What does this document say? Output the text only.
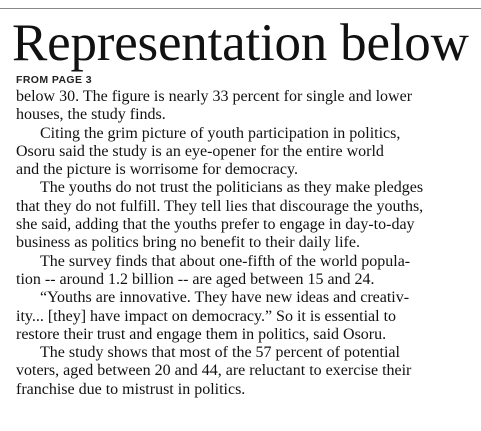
Representation below
FROM PAGE 3

below 30. The figure is nearly 33 percent for single and lower
houses, the study finds.

Citing the grim picture of youth participation in politics,
Osoru said the study is an eye-opener for the entire world
and the picture is worrisome for democracy.

The youths do not trust the politicians as they make pledges
that they do not fulfill. They tell lies that discourage the youths,
she said, adding that the youths prefer to engage in day-to-day
business as politics bring no benefit to their daily life.

The survey finds that about one-fifth of the world popula-
tion -- around 1.2 billion -- are aged between 15 and 24.

“Youths are innovative. They have new ideas and creativ-
ity... [they] have impact on democracy.” So it is essential to
restore their trust and engage them in politics, said Osoru.

The study shows that most of the 57 percent of potential
voters, aged between 20 and 44, are reluctant to exercise their
franchise due to mistrust in politics.
